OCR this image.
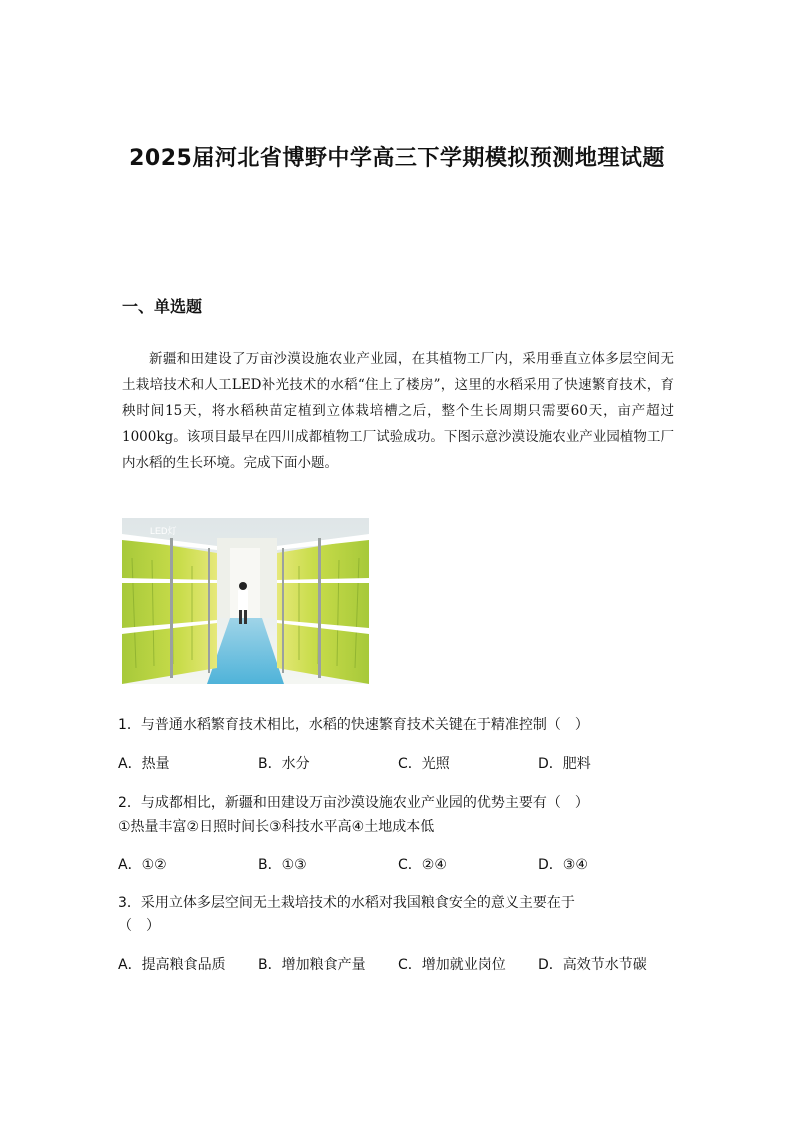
2025届河北省博野中学高三下学期模拟预测地理试题
一、单选题

新疆和田建设了万亩沙漠设施农业产业园，在其植物工厂内，采用垂直立体多层空间无土栽培技术和人工LED补光技术的水稻“住上了楼房”，这里的水稻采用了快速繁育技术，育秧时间15天，将水稻秧苗定植到立体栽培槽之后，整个生长周期只需要60天，亩产超过1000kg。该项目最早在四川成都植物工厂试验成功。下图示意沙漠设施农业产业园植物工厂内水稻的生长环境。完成下面小题。

LED灯

1．与普通水稻繁育技术相比，水稻的快速繁育技术关键在于精准控制（　）

A．热量	B．水分	C．光照	D．肥料

2．与成都相比，新疆和田建设万亩沙漠设施农业产业园的优势主要有（　）

①热量丰富②日照时间长③科技水平高④土地成本低

A．①②	B．①③	C．②④	D．③④

3．采用立体多层空间无土栽培技术的水稻对我国粮食安全的意义主要在于

（　）

A．提高粮食品质	B．增加粮食产量	C．增加就业岗位	D．高效节水节碳
